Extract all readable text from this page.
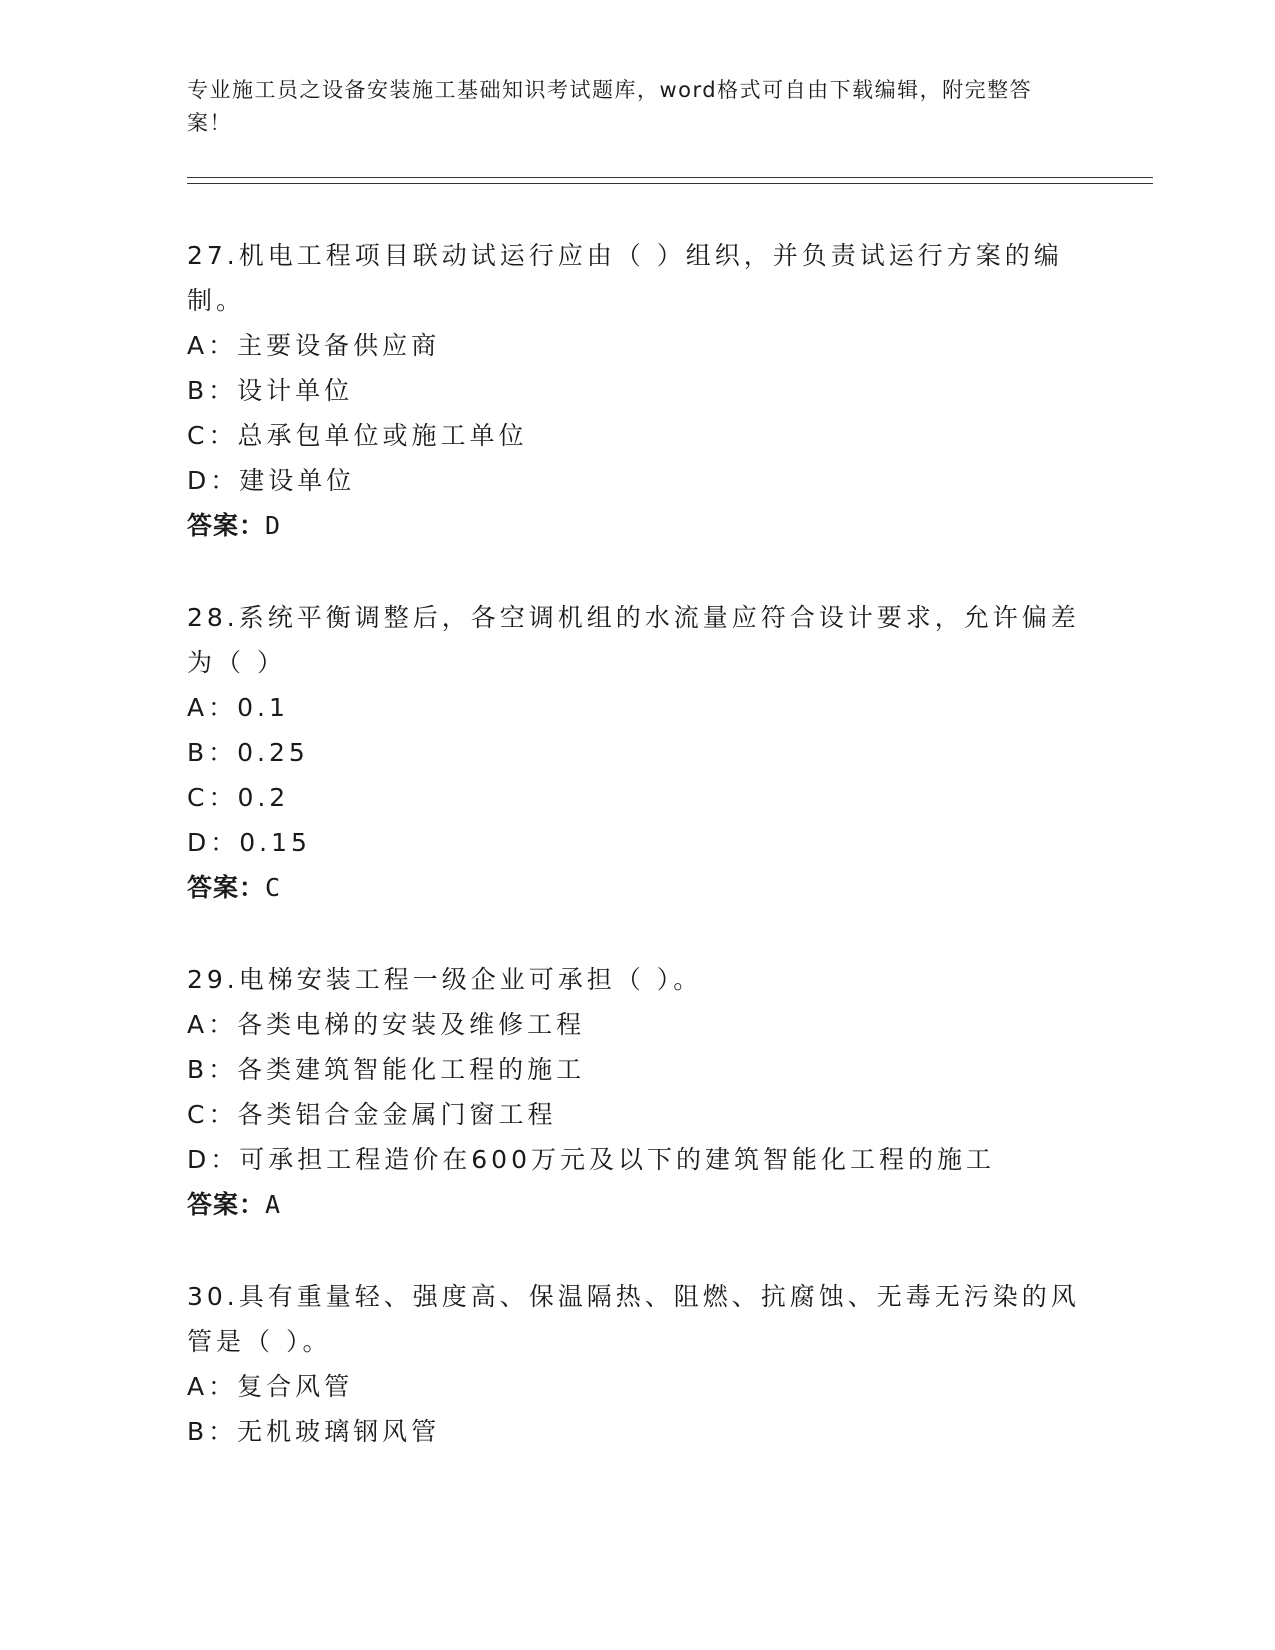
专业施工员之设备安装施工基础知识考试题库，word格式可自由下载编辑，附完整答案！

27.机电工程项目联动试运行应由（ ）组织，并负责试运行方案的编制。

A：主要设备供应商

B：设计单位

C：总承包单位或施工单位

D：建设单位

答案：D

28.系统平衡调整后，各空调机组的水流量应符合设计要求，允许偏差为（ ）

A：0.1

B：0.25

C：0.2

D：0.15

答案：C

29.电梯安装工程一级企业可承担（ ）。

A：各类电梯的安装及维修工程

B：各类建筑智能化工程的施工

C：各类铝合金金属门窗工程

D：可承担工程造价在600万元及以下的建筑智能化工程的施工

答案：A

30.具有重量轻、强度高、保温隔热、阻燃、抗腐蚀、无毒无污染的风管是（ ）。

A：复合风管

B：无机玻璃钢风管
